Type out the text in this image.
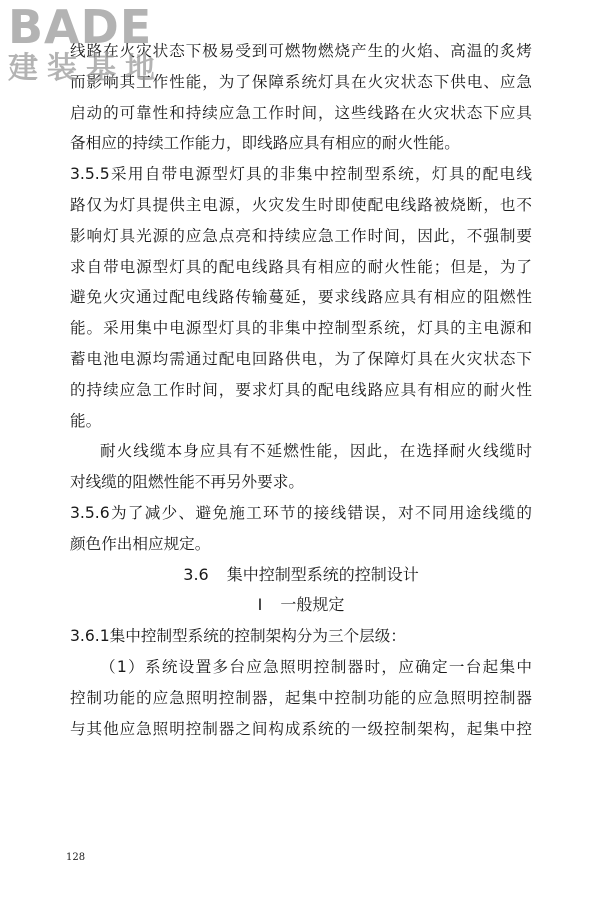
BADE
建装基地
线路在火灾状态下极易受到可燃物燃烧产生的火焰、高温的炙烤
而影响其工作性能，为了保障系统灯具在火灾状态下供电、应急
启动的可靠性和持续应急工作时间，这些线路在火灾状态下应具
备相应的持续工作能力，即线路应具有相应的耐火性能。
3.5.5采用自带电源型灯具的非集中控制型系统，灯具的配电线
路仅为灯具提供主电源，火灾发生时即使配电线路被烧断，也不
影响灯具光源的应急点亮和持续应急工作时间，因此，不强制要
求自带电源型灯具的配电线路具有相应的耐火性能；但是，为了
避免火灾通过配电线路传输蔓延，要求线路应具有相应的阻燃性
能。采用集中电源型灯具的非集中控制型系统，灯具的主电源和
蓄电池电源均需通过配电回路供电，为了保障灯具在火灾状态下
的持续应急工作时间，要求灯具的配电线路应具有相应的耐火性
能。
耐火线缆本身应具有不延燃性能，因此，在选择耐火线缆时
对线缆的阻燃性能不再另外要求。
3.5.6为了减少、避免施工环节的接线错误，对不同用途线缆的
颜色作出相应规定。
3.6 集中控制型系统的控制设计
Ⅰ 一般规定
3.6.1集中控制型系统的控制架构分为三个层级：
（1）系统设置多台应急照明控制器时，应确定一台起集中
控制功能的应急照明控制器，起集中控制功能的应急照明控制器
与其他应急照明控制器之间构成系统的一级控制架构，起集中控
128
